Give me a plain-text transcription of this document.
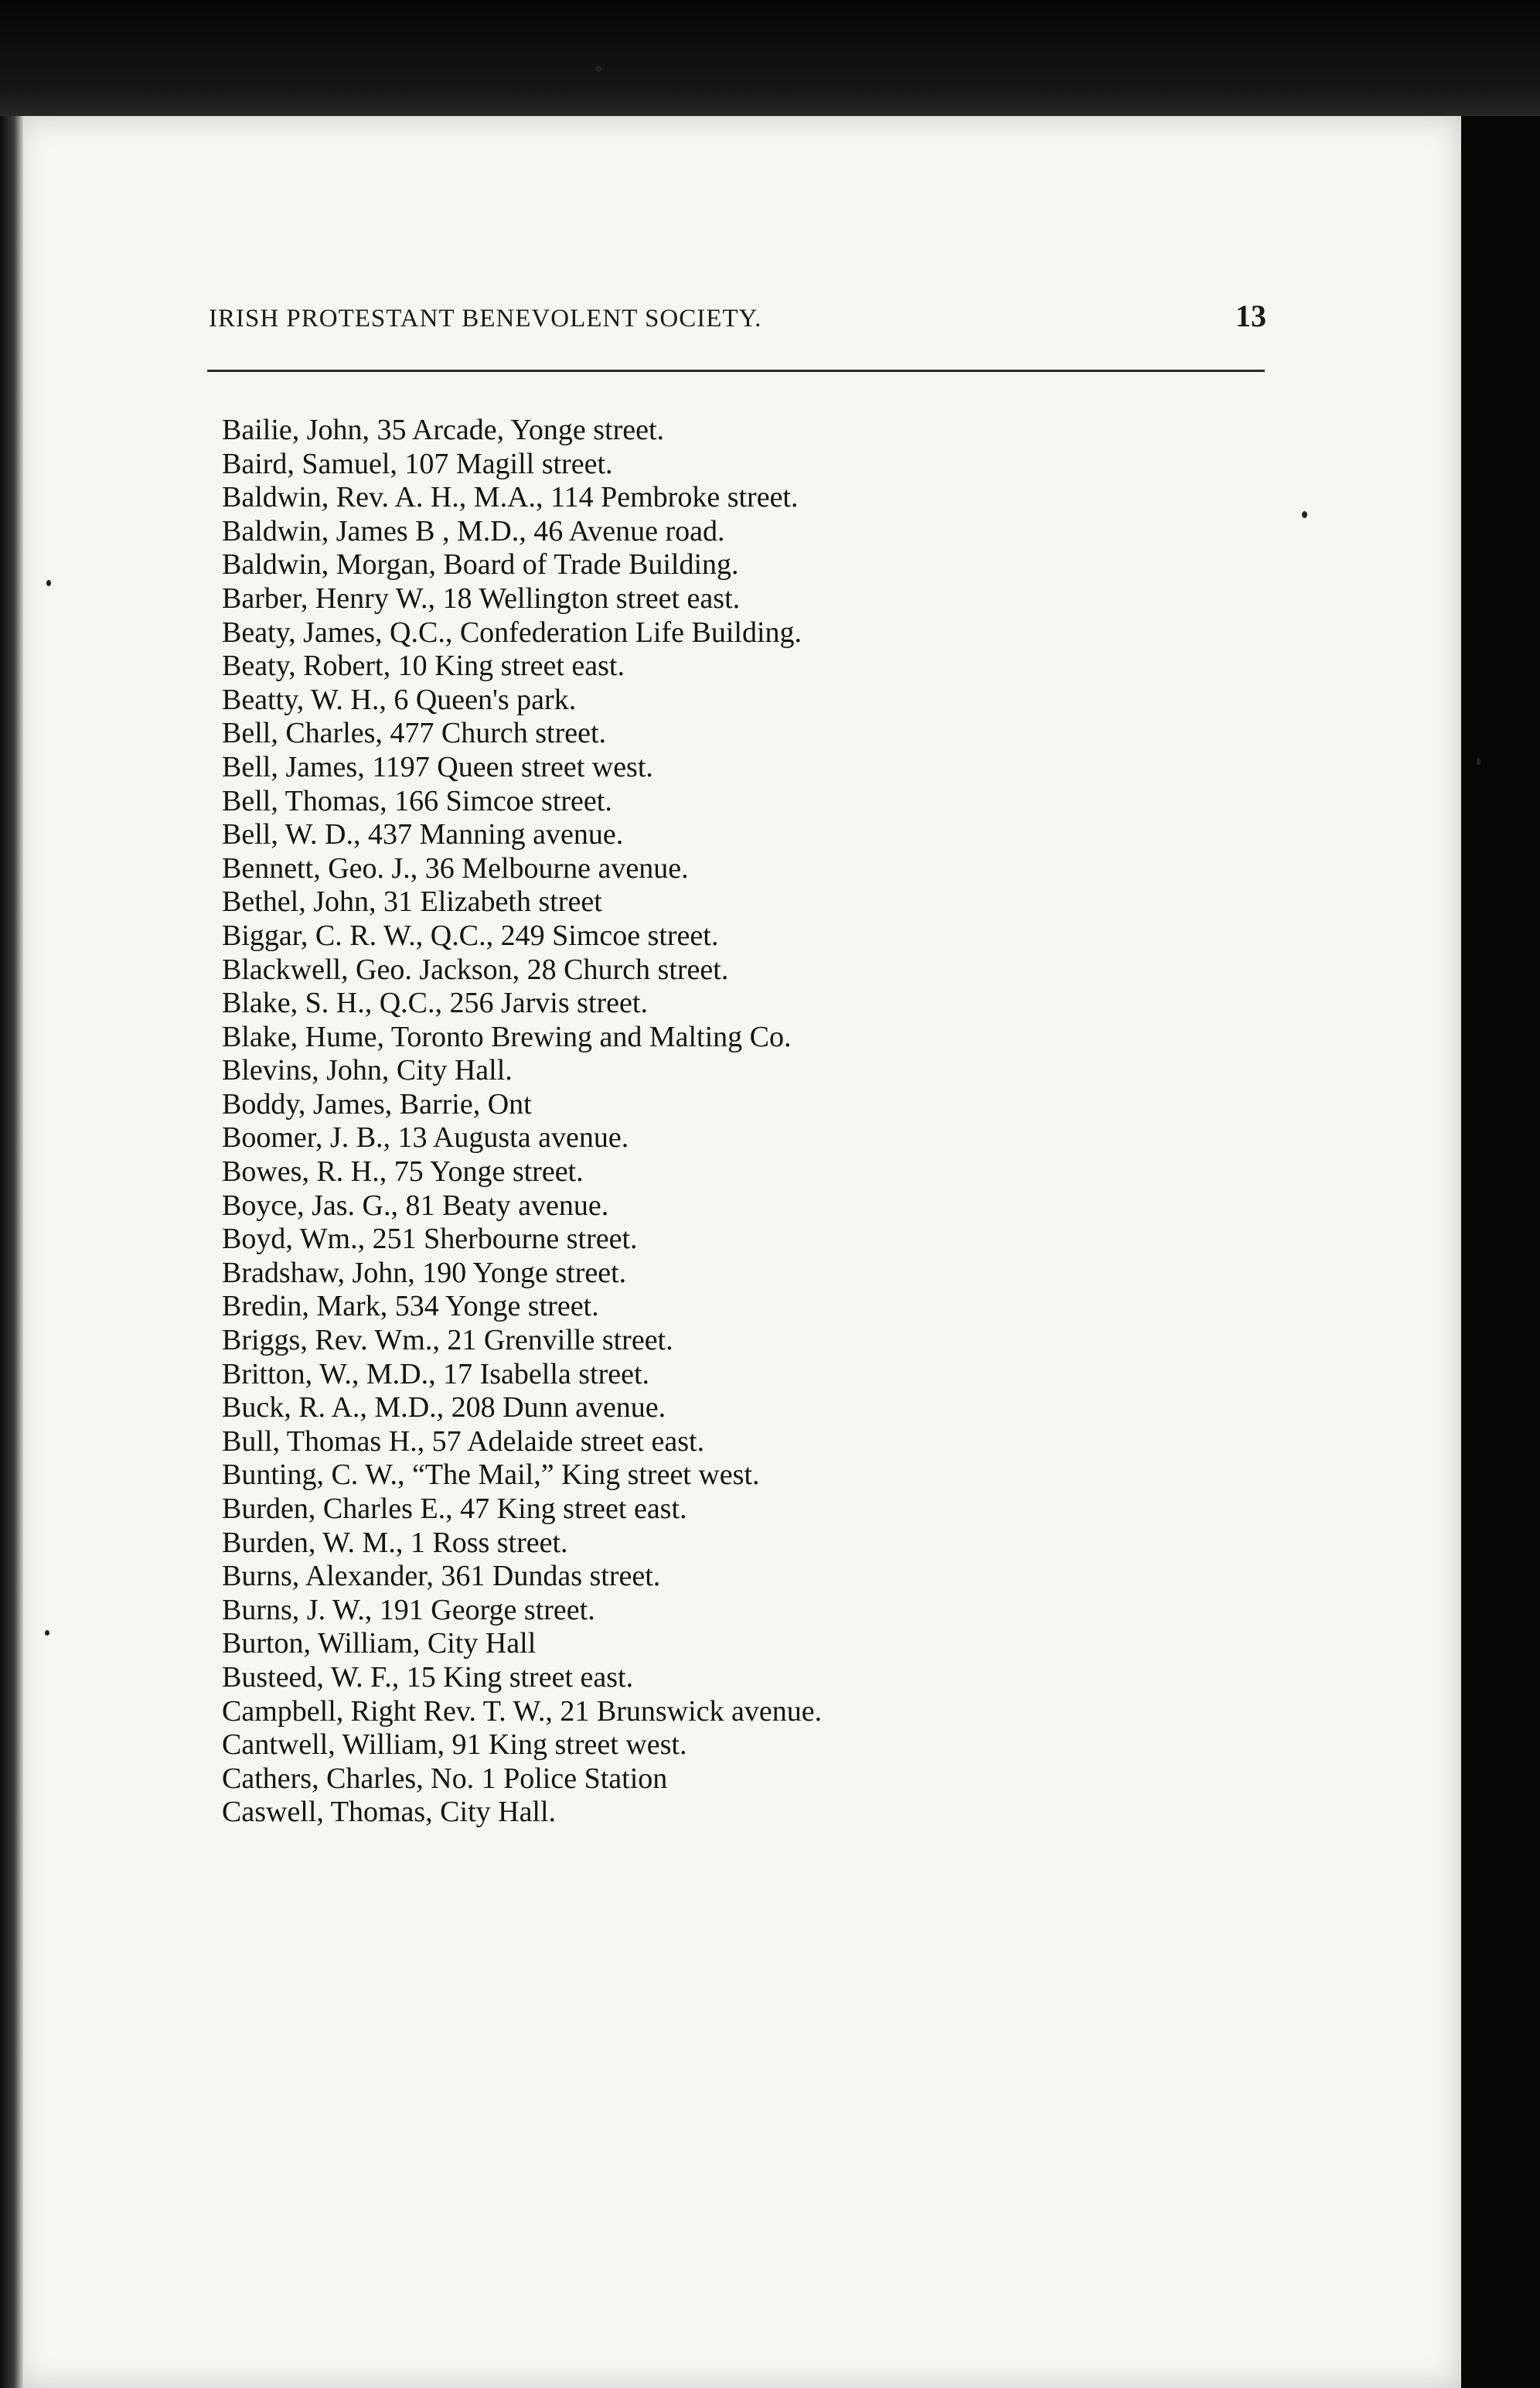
IRISH PROTESTANT BENEVOLENT SOCIETY.	13
Bailie, John, 35 Arcade, Yonge street.
Baird, Samuel, 107 Magill street.
Baldwin, Rev. A. H., M.A., 114 Pembroke street.
Baldwin, James B , M.D., 46 Avenue road.
Baldwin, Morgan, Board of Trade Building.
Barber, Henry W., 18 Wellington street east.
Beaty, James, Q.C., Confederation Life Building.
Beaty, Robert, 10 King street east.
Beatty, W. H., 6 Queen's park.
Bell, Charles, 477 Church street.
Bell, James, 1197 Queen street west.
Bell, Thomas, 166 Simcoe street.
Bell, W. D., 437 Manning avenue.
Bennett, Geo. J., 36 Melbourne avenue.
Bethel, John, 31 Elizabeth street
Biggar, C. R. W., Q.C., 249 Simcoe street.
Blackwell, Geo. Jackson, 28 Church street.
Blake, S. H., Q.C., 256 Jarvis street.
Blake, Hume, Toronto Brewing and Malting Co.
Blevins, John, City Hall.
Boddy, James, Barrie, Ont
Boomer, J. B., 13 Augusta avenue.
Bowes, R. H., 75 Yonge street.
Boyce, Jas. G., 81 Beaty avenue.
Boyd, Wm., 251 Sherbourne street.
Bradshaw, John, 190 Yonge street.
Bredin, Mark, 534 Yonge street.
Briggs, Rev. Wm., 21 Grenville street.
Britton, W., M.D., 17 Isabella street.
Buck, R. A., M.D., 208 Dunn avenue.
Bull, Thomas H., 57 Adelaide street east.
Bunting, C. W., “The Mail,” King street west.
Burden, Charles E., 47 King street east.
Burden, W. M., 1 Ross street.
Burns, Alexander, 361 Dundas street.
Burns, J. W., 191 George street.
Burton, William, City Hall
Busteed, W. F., 15 King street east.
Campbell, Right Rev. T. W., 21 Brunswick avenue.
Cantwell, William, 91 King street west.
Cathers, Charles, No. 1 Police Station
Caswell, Thomas, City Hall.
